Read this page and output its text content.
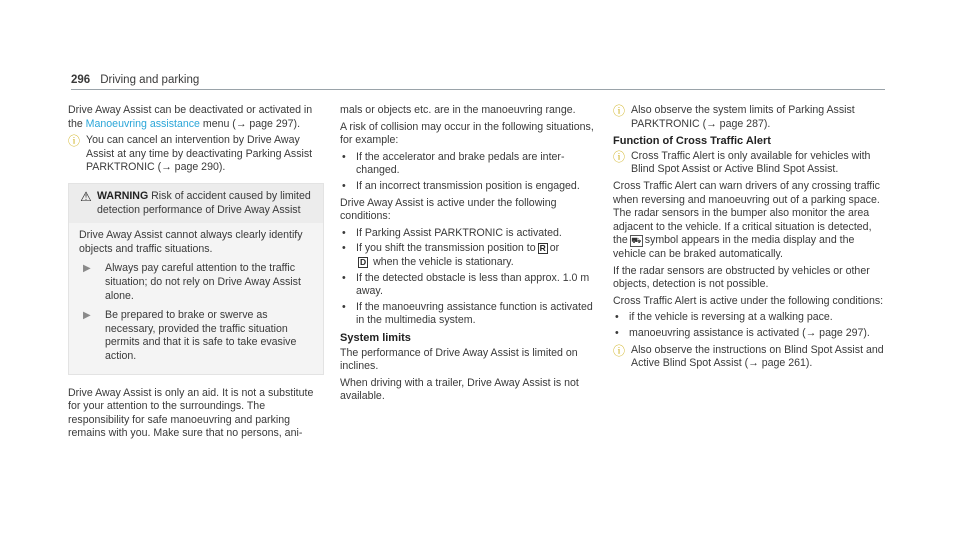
296 Driving and parking

Drive Away Assist can be deactivated or activated in the Manoeuvring assistance menu (→ page 297).

ⓘ You can cancel an intervention by Drive Away Assist at any time by deactivating Parking Assist PARKTRONIC (→ page 290).
⚠ WARNING Risk of accident caused by limited detection performance of Drive Away Assist

Drive Away Assist cannot always clearly identify objects and traffic situations.

▶	Always pay careful attention to the traffic situation; do not rely on Drive Away Assist alone.
▶	Be prepared to brake or swerve as necessary, provided the traffic situation permits and that it is safe to take evasive action.

Drive Away Assist is only an aid. It is not a substitute for your attention to the surroundings. The responsibility for safe manoeuvring and parking remains with you. Make sure that no persons, ani-

mals or objects etc. are in the manoeuvring range.

A risk of collision may occur in the following situations, for example:

• If the accelerator and brake pedals are interchanged.
• If an incorrect transmission position is engaged.

Drive Away Assist is active under the following conditions:

• If Parking Assist PARKTRONIC is activated.
• If you shift the transmission position to R or
D when the vehicle is stationary.
• If the detected obstacle is less than approx. 1.0 m away.
• If the manoeuvring assistance function is activated in the multimedia system.
System limits

The performance of Drive Away Assist is limited on inclines.

When driving with a trailer, Drive Away Assist is not available.

ⓘ Also observe the system limits of Parking Assist PARKTRONIC (→ page 287).
Function of Cross Traffic Alert
ⓘ Cross Traffic Alert is only available for vehicles with Blind Spot Assist or Active Blind Spot Assist.

Cross Traffic Alert can warn drivers of any crossing traffic when reversing and manoeuvring out of a parking space. The radar sensors in the bumper also monitor the area adjacent to the vehicle. If a critical situation is detected, the ⛟ symbol appears in the media display and the vehicle can be braked automatically.

If the radar sensors are obstructed by vehicles or other objects, detection is not possible.

Cross Traffic Alert is active under the following conditions:

• if the vehicle is reversing at a walking pace.
• manoeuvring assistance is activated (→ page 297).
ⓘ Also observe the instructions on Blind Spot Assist and Active Blind Spot Assist (→ page 261).
